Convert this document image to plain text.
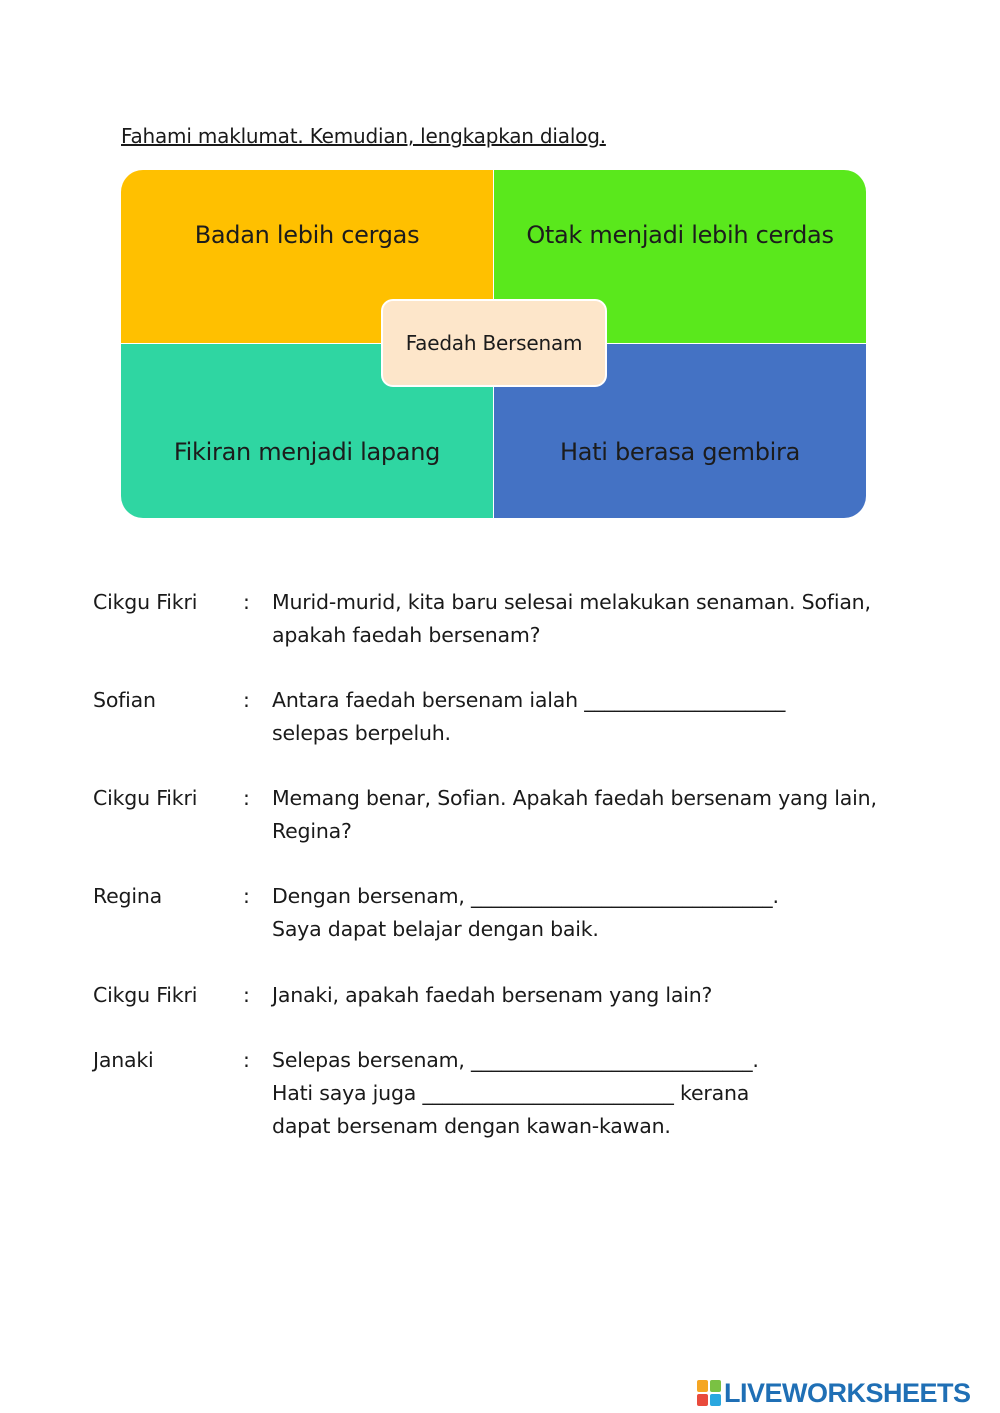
Fahami maklumat. Kemudian, lengkapkan dialog.
Badan lebih cergas	Otak menjadi lebih cerdas
Fikiran menjadi lapang	Hati berasa gembira
Faedah Bersenam
Cikgu Fikri	:	Murid-murid, kita baru selesai melakukan senaman. Sofian,
apakah faedah bersenam?
Sofian	:	Antara faedah bersenam ialah ____________________
selepas berpeluh.
Cikgu Fikri	:	Memang benar, Sofian. Apakah faedah bersenam yang lain,
Regina?
Regina	:	Dengan bersenam, ______________________________.
Saya dapat belajar dengan baik.
Cikgu Fikri	:	Janaki, apakah faedah bersenam yang lain?
Janaki	:	Selepas bersenam, ____________________________.
Hati saya juga _________________________ kerana
dapat bersenam dengan kawan-kawan.
LIVEWORKSHEETS
